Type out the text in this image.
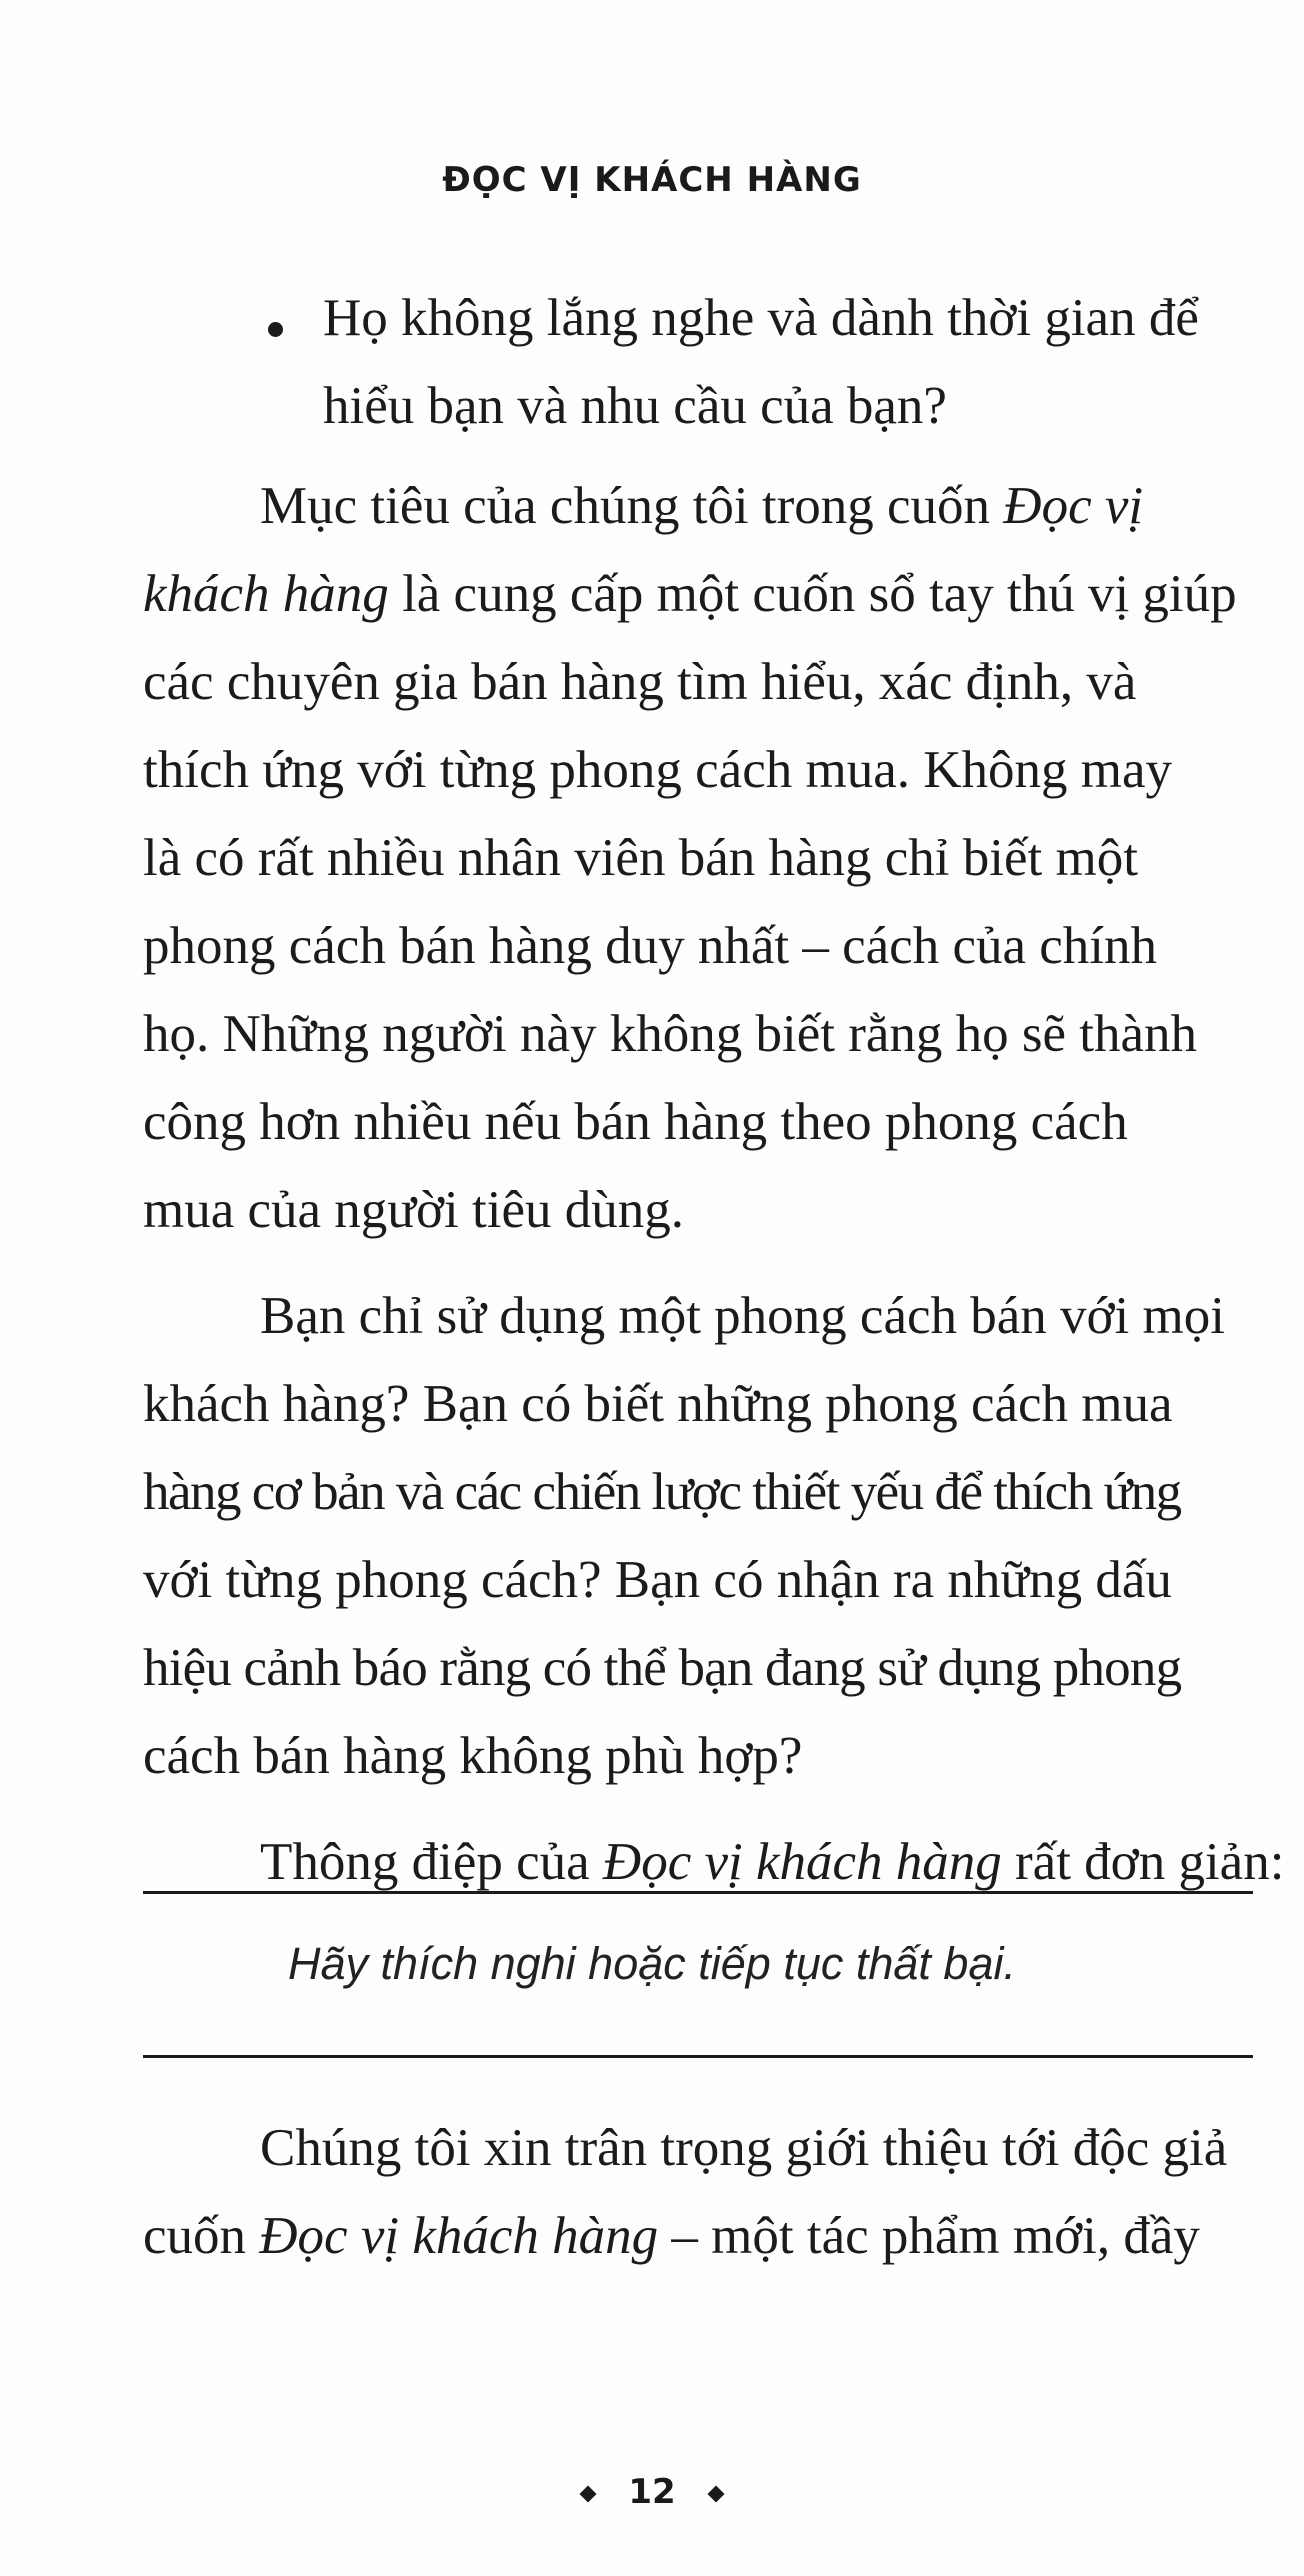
ĐỌC VỊ KHÁCH HÀNG
Họ không lắng nghe và dành thời gian để
hiểu bạn và nhu cầu của bạn?
Mục tiêu của chúng tôi trong cuốn Đọc vị
khách hàng là cung cấp một cuốn sổ tay thú vị giúp
các chuyên gia bán hàng tìm hiểu, xác định, và
thích ứng với từng phong cách mua. Không may
là có rất nhiều nhân viên bán hàng chỉ biết một
phong cách bán hàng duy nhất – cách của chính
họ. Những người này không biết rằng họ sẽ thành
công hơn nhiều nếu bán hàng theo phong cách
mua của người tiêu dùng.
Bạn chỉ sử dụng một phong cách bán với mọi
khách hàng? Bạn có biết những phong cách mua
hàng cơ bản và các chiến lược thiết yếu để thích ứng
với từng phong cách? Bạn có nhận ra những dấu
hiệu cảnh báo rằng có thể bạn đang sử dụng phong
cách bán hàng không phù hợp?
Thông điệp của Đọc vị khách hàng rất đơn giản:
Hãy thích nghi hoặc tiếp tục thất bại.
Chúng tôi xin trân trọng giới thiệu tới độc giả
cuốn Đọc vị khách hàng – một tác phẩm mới, đầy
12
